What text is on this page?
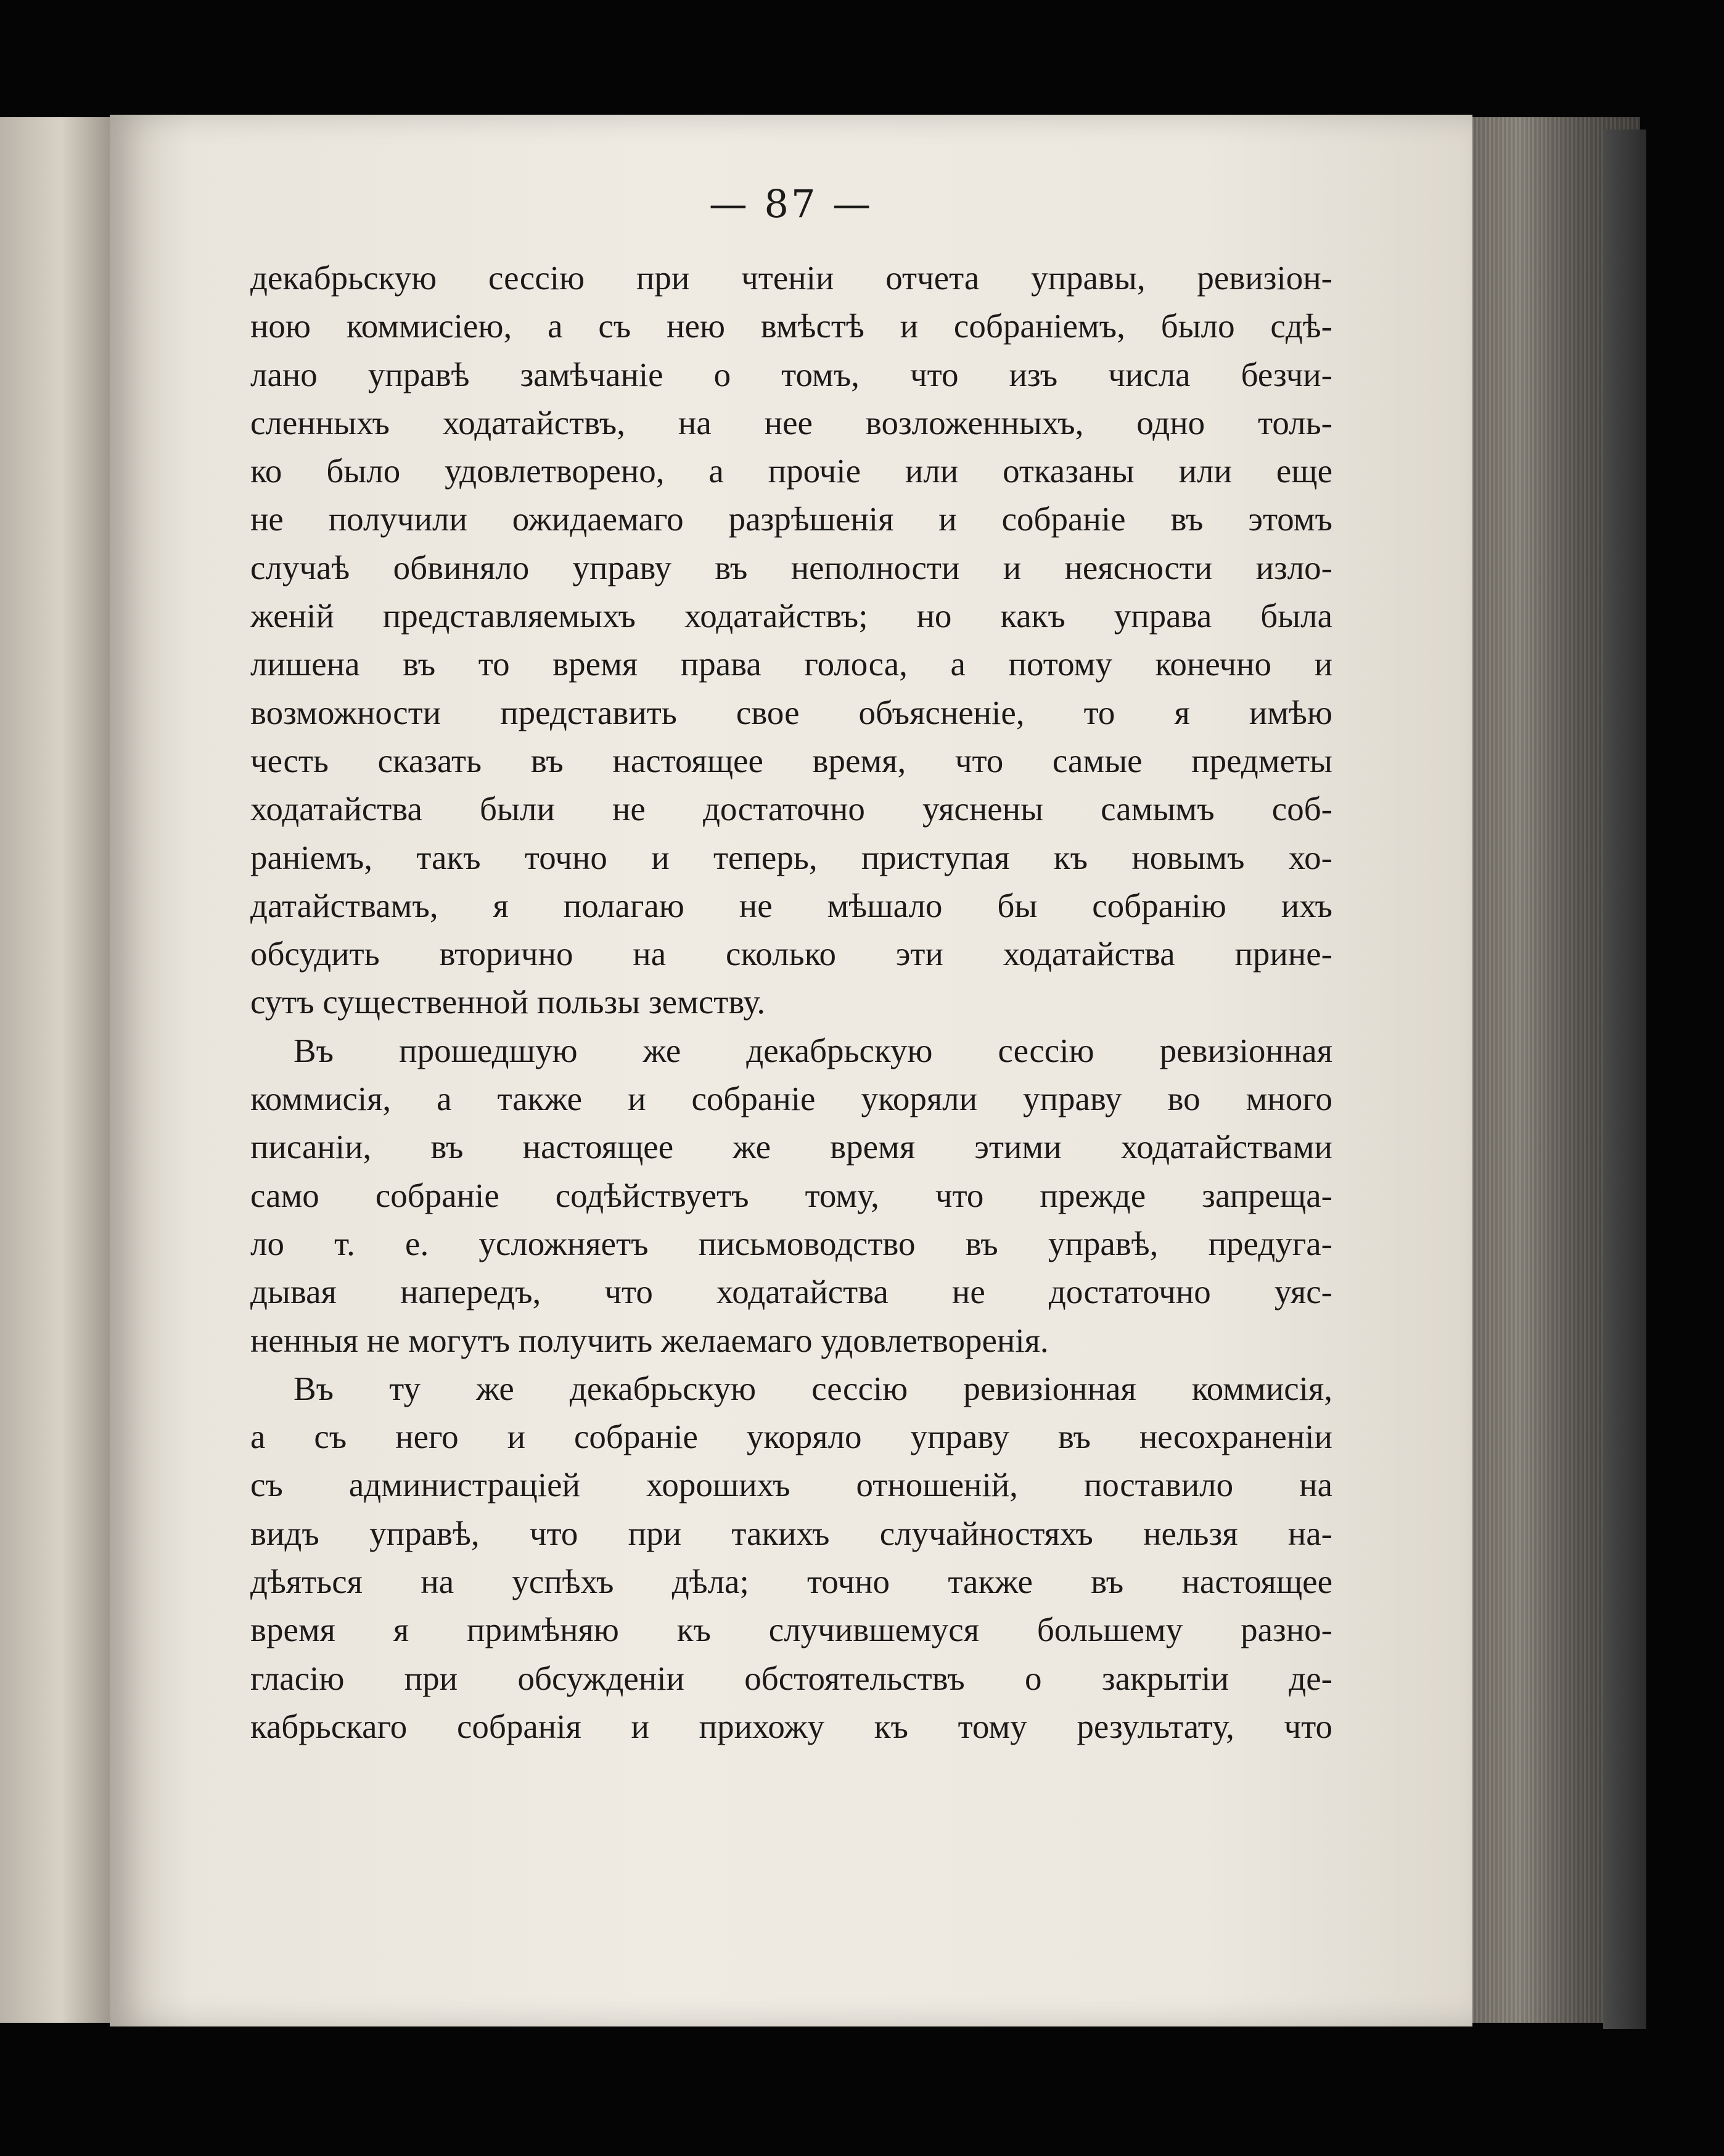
— 87 —
декабрьскую сессію при чтеніи отчета управы, ревизіон-
ною коммисіею, а съ нею вмѣстѣ и собраніемъ, было сдѣ-
лано управѣ замѣчаніе о томъ, что изъ числа безчи-
сленныхъ ходатайствъ, на нее возложенныхъ, одно толь-
ко было удовлетворено, а прочіе или отказаны или еще
не получили ожидаемаго разрѣшенія и собраніе въ этомъ
случаѣ обвиняло управу въ неполности и неясности изло-
женій представляемыхъ ходатайствъ; но какъ управа была
лишена въ то время права голоса, а потому конечно и
возможности представить свое объясненіе, то я имѣю
честь сказать въ настоящее время, что самые предметы
ходатайства были не достаточно уяснены самымъ соб-
раніемъ, такъ точно и теперь, приступая къ новымъ хо-
датайствамъ, я полагаю не мѣшало бы собранію ихъ
обсудить вторично на сколько эти ходатайства прине-
сутъ существенной пользы земству.
Въ прошедшую же декабрьскую сессію ревизіонная
коммисія, а также и собраніе укоряли управу во много
писаніи, въ настоящее же время этими ходатайствами
само собраніе содѣйствуетъ тому, что прежде запреща-
ло т. е. усложняетъ письмоводство въ управѣ, предуга-
дывая напередъ, что ходатайства не достаточно уяс-
ненныя не могутъ получить желаемаго удовлетворенія.
Въ ту же декабрьскую сессію ревизіонная коммисія,
а съ него и собраніе укоряло управу въ несохраненіи
съ администраціей хорошихъ отношеній, поставило на
видъ управѣ, что при такихъ случайностяхъ нельзя на-
дѣяться на успѣхъ дѣла; точно также въ настоящее
время я примѣняю къ случившемуся большему разно-
гласію при обсужденіи обстоятельствъ о закрытіи де-
кабрьскаго собранія и прихожу къ тому результату, что
